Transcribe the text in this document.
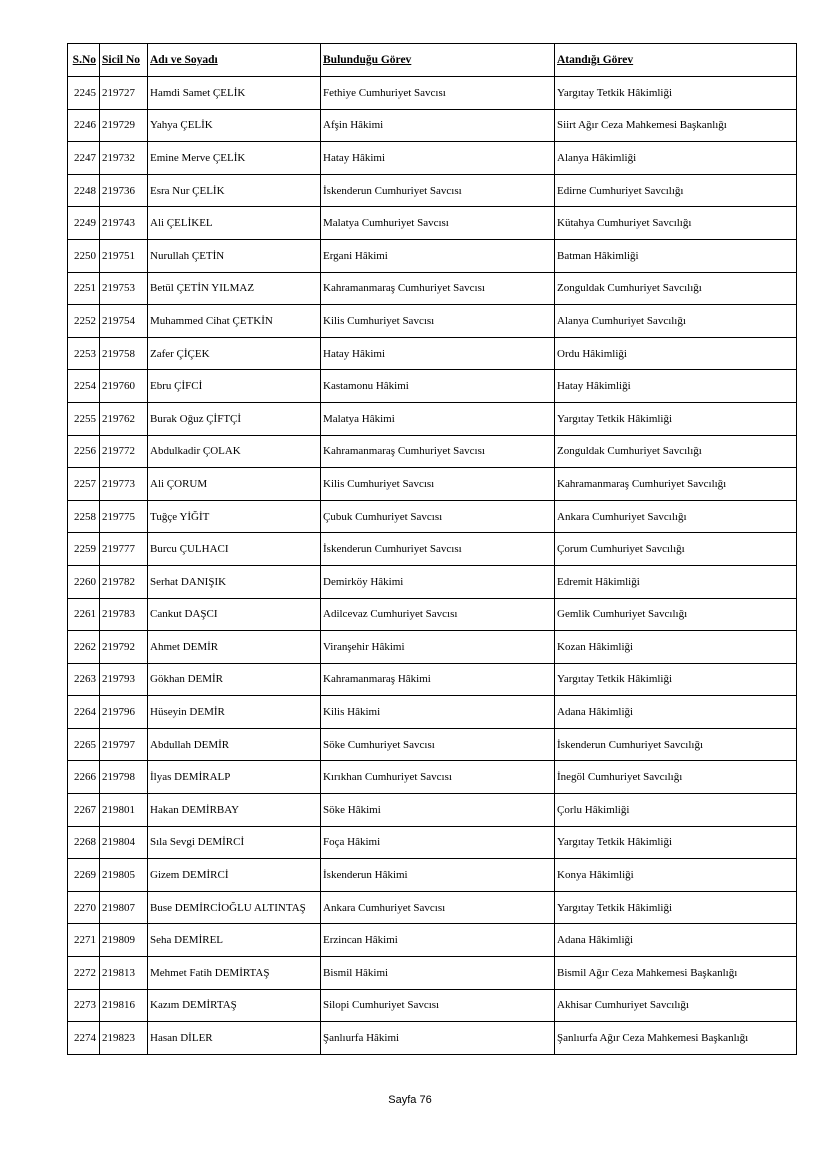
S.No	Sicil No	Adı ve Soyadı	Bulunduğu Görev	Atandığı Görev
2245	219727	Hamdi Samet ÇELİK	Fethiye Cumhuriyet Savcısı	Yargıtay Tetkik Hâkimliği
2246	219729	Yahya ÇELİK	Afşin Hâkimi	Siirt Ağır Ceza Mahkemesi Başkanlığı
2247	219732	Emine Merve ÇELİK	Hatay Hâkimi	Alanya Hâkimliği
2248	219736	Esra Nur ÇELİK	İskenderun Cumhuriyet Savcısı	Edirne Cumhuriyet Savcılığı
2249	219743	Ali ÇELİKEL	Malatya Cumhuriyet Savcısı	Kütahya Cumhuriyet Savcılığı
2250	219751	Nurullah ÇETİN	Ergani Hâkimi	Batman Hâkimliği
2251	219753	Betül ÇETİN YILMAZ	Kahramanmaraş Cumhuriyet Savcısı	Zonguldak Cumhuriyet Savcılığı
2252	219754	Muhammed Cihat ÇETKİN	Kilis Cumhuriyet Savcısı	Alanya Cumhuriyet Savcılığı
2253	219758	Zafer ÇİÇEK	Hatay Hâkimi	Ordu Hâkimliği
2254	219760	Ebru ÇİFCİ	Kastamonu Hâkimi	Hatay Hâkimliği
2255	219762	Burak Oğuz ÇİFTÇİ	Malatya Hâkimi	Yargıtay Tetkik Hâkimliği
2256	219772	Abdulkadir ÇOLAK	Kahramanmaraş Cumhuriyet Savcısı	Zonguldak Cumhuriyet Savcılığı
2257	219773	Ali ÇORUM	Kilis Cumhuriyet Savcısı	Kahramanmaraş Cumhuriyet Savcılığı
2258	219775	Tuğçe YİĞİT	Çubuk Cumhuriyet Savcısı	Ankara Cumhuriyet Savcılığı
2259	219777	Burcu ÇULHACI	İskenderun Cumhuriyet Savcısı	Çorum Cumhuriyet Savcılığı
2260	219782	Serhat DANIŞIK	Demirköy Hâkimi	Edremit Hâkimliği
2261	219783	Cankut DAŞCI	Adilcevaz Cumhuriyet Savcısı	Gemlik Cumhuriyet Savcılığı
2262	219792	Ahmet DEMİR	Viranşehir Hâkimi	Kozan Hâkimliği
2263	219793	Gökhan DEMİR	Kahramanmaraş Hâkimi	Yargıtay Tetkik Hâkimliği
2264	219796	Hüseyin DEMİR	Kilis Hâkimi	Adana Hâkimliği
2265	219797	Abdullah DEMİR	Söke Cumhuriyet Savcısı	İskenderun Cumhuriyet Savcılığı
2266	219798	İlyas DEMİRALP	Kırıkhan Cumhuriyet Savcısı	İnegöl Cumhuriyet Savcılığı
2267	219801	Hakan DEMİRBAY	Söke Hâkimi	Çorlu Hâkimliği
2268	219804	Sıla Sevgi DEMİRCİ	Foça Hâkimi	Yargıtay Tetkik Hâkimliği
2269	219805	Gizem DEMİRCİ	İskenderun Hâkimi	Konya Hâkimliği
2270	219807	Buse DEMİRCİOĞLU ALTINTAŞ	Ankara Cumhuriyet Savcısı	Yargıtay Tetkik Hâkimliği
2271	219809	Seha DEMİREL	Erzincan Hâkimi	Adana Hâkimliği
2272	219813	Mehmet Fatih DEMİRTAŞ	Bismil Hâkimi	Bismil Ağır Ceza Mahkemesi Başkanlığı
2273	219816	Kazım DEMİRTAŞ	Silopi Cumhuriyet Savcısı	Akhisar Cumhuriyet Savcılığı
2274	219823	Hasan DİLER	Şanlıurfa Hâkimi	Şanlıurfa Ağır Ceza Mahkemesi Başkanlığı
Sayfa 76
